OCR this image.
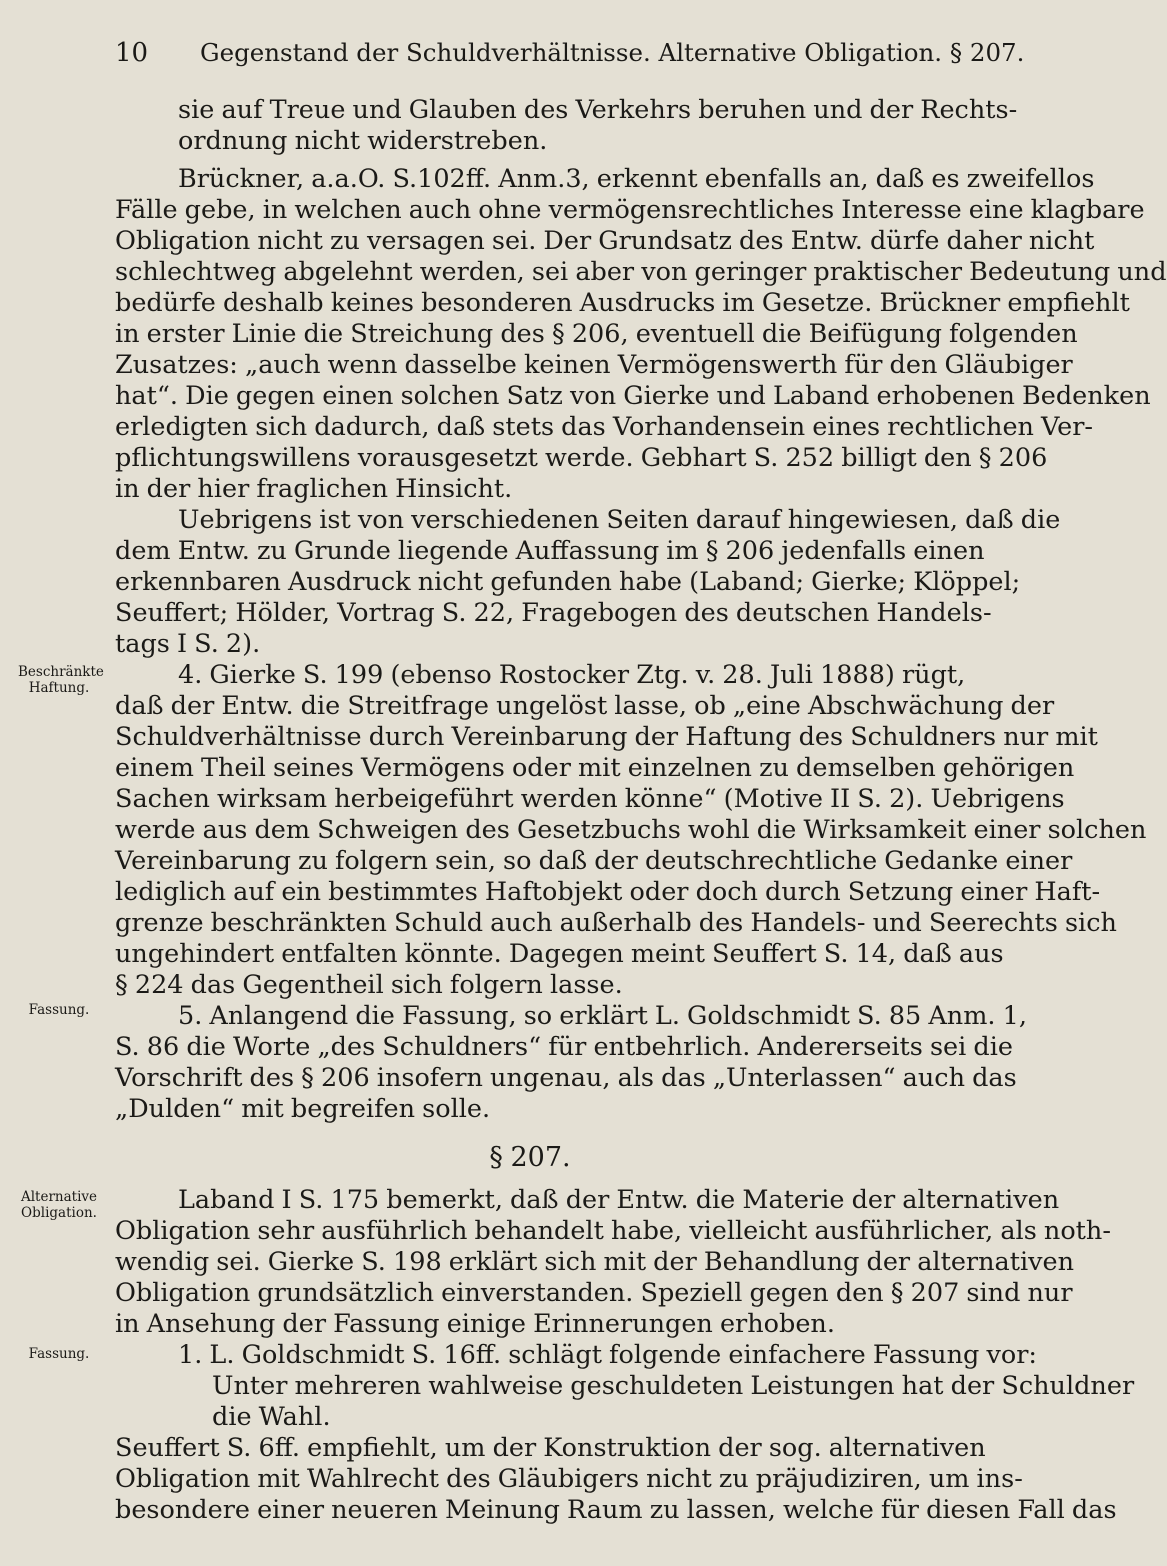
10 Gegenstand der Schuldverhältnisse. Alternative Obligation. § 207.
Beschränkte
Haftung.
Fassung.
Alternative
Obligation.
Fassung.
sie auf Treue und Glauben des Verkehrs beruhen und der Rechts-
ordnung nicht widerstreben.
Brückner, a.a.O. S.102ff. Anm.3, erkennt ebenfalls an, daß es zweifellos
Fälle gebe, in welchen auch ohne vermögensrechtliches Interesse eine klagbare
Obligation nicht zu versagen sei. Der Grundsatz des Entw. dürfe daher nicht
schlechtweg abgelehnt werden, sei aber von geringer praktischer Bedeutung und
bedürfe deshalb keines besonderen Ausdrucks im Gesetze. Brückner empfiehlt
in erster Linie die Streichung des § 206, eventuell die Beifügung folgenden
Zusatzes: „auch wenn dasselbe keinen Vermögenswerth für den Gläubiger
hat“. Die gegen einen solchen Satz von Gierke und Laband erhobenen Bedenken
erledigten sich dadurch, daß stets das Vorhandensein eines rechtlichen Ver-
pflichtungswillens vorausgesetzt werde. Gebhart S. 252 billigt den § 206
in der hier fraglichen Hinsicht.
Uebrigens ist von verschiedenen Seiten darauf hingewiesen, daß die
dem Entw. zu Grunde liegende Auffassung im § 206 jedenfalls einen
erkennbaren Ausdruck nicht gefunden habe (Laband; Gierke; Klöppel;
Seuffert; Hölder, Vortrag S. 22, Fragebogen des deutschen Handels-
tags I S. 2).
4. Gierke S. 199 (ebenso Rostocker Ztg. v. 28. Juli 1888) rügt,
daß der Entw. die Streitfrage ungelöst lasse, ob „eine Abschwächung der
Schuldverhältnisse durch Vereinbarung der Haftung des Schuldners nur mit
einem Theil seines Vermögens oder mit einzelnen zu demselben gehörigen
Sachen wirksam herbeigeführt werden könne“ (Motive II S. 2). Uebrigens
werde aus dem Schweigen des Gesetzbuchs wohl die Wirksamkeit einer solchen
Vereinbarung zu folgern sein, so daß der deutschrechtliche Gedanke einer
lediglich auf ein bestimmtes Haftobjekt oder doch durch Setzung einer Haft-
grenze beschränkten Schuld auch außerhalb des Handels- und Seerechts sich
ungehindert entfalten könnte. Dagegen meint Seuffert S. 14, daß aus
§ 224 das Gegentheil sich folgern lasse.
5. Anlangend die Fassung, so erklärt L. Goldschmidt S. 85 Anm. 1,
S. 86 die Worte „des Schuldners“ für entbehrlich. Andererseits sei die
Vorschrift des § 206 insofern ungenau, als das „Unterlassen“ auch das
„Dulden“ mit begreifen solle.
§ 207.
Laband I S. 175 bemerkt, daß der Entw. die Materie der alternativen
Obligation sehr ausführlich behandelt habe, vielleicht ausführlicher, als noth-
wendig sei. Gierke S. 198 erklärt sich mit der Behandlung der alternativen
Obligation grundsätzlich einverstanden. Speziell gegen den § 207 sind nur
in Ansehung der Fassung einige Erinnerungen erhoben.
1. L. Goldschmidt S. 16ff. schlägt folgende einfachere Fassung vor:
Unter mehreren wahlweise geschuldeten Leistungen hat der Schuldner
die Wahl.
Seuffert S. 6ff. empfiehlt, um der Konstruktion der sog. alternativen
Obligation mit Wahlrecht des Gläubigers nicht zu präjudiziren, um ins-
besondere einer neueren Meinung Raum zu lassen, welche für diesen Fall das
